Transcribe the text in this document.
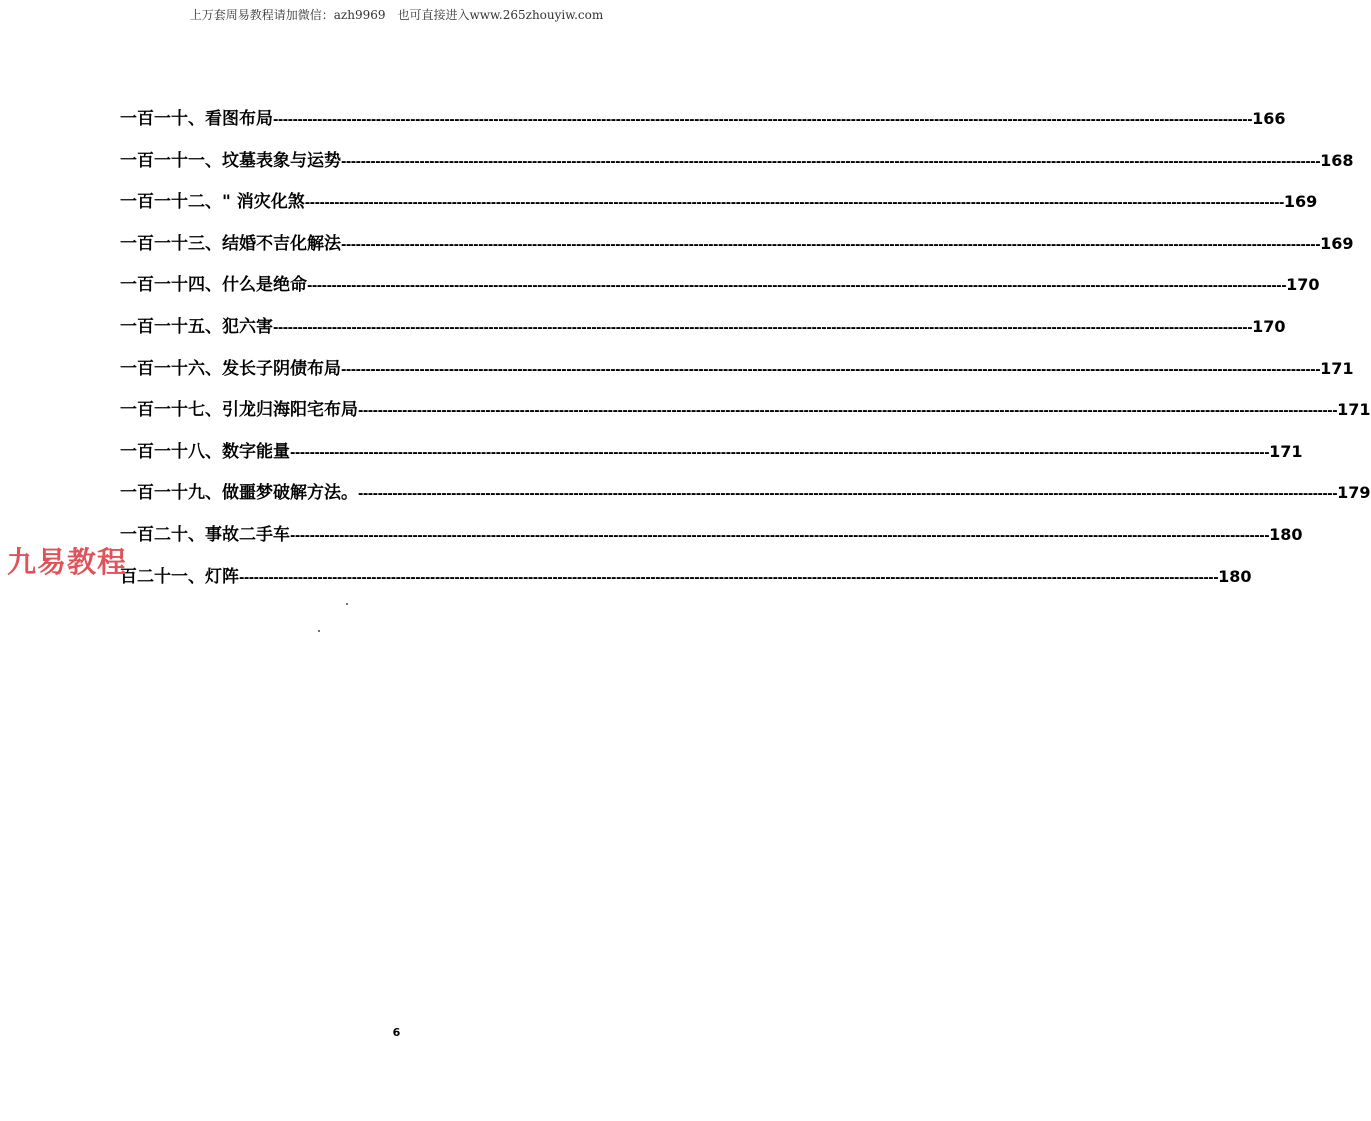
上万套周易教程请加微信：azh9969　也可直接进入www.265zhouyiw.com
一百一十、看图布局 -------------------------------------------------------------------------------------------------------------------------------------------------------------------------------------------------------- 166
一百一十一、坟墓表象与运势 -------------------------------------------------------------------------------------------------------------------------------------------------------------------------------------------------------- 168
一百一十二、" 消灾化煞 -------------------------------------------------------------------------------------------------------------------------------------------------------------------------------------------------------- 169
一百一十三、结婚不吉化解法 -------------------------------------------------------------------------------------------------------------------------------------------------------------------------------------------------------- 169
一百一十四、什么是绝命 -------------------------------------------------------------------------------------------------------------------------------------------------------------------------------------------------------- 170
一百一十五、犯六害 -------------------------------------------------------------------------------------------------------------------------------------------------------------------------------------------------------- 170
一百一十六、发长子阴债布局 -------------------------------------------------------------------------------------------------------------------------------------------------------------------------------------------------------- 171
一百一十七、引龙归海阳宅布局 -------------------------------------------------------------------------------------------------------------------------------------------------------------------------------------------------------- 171
一百一十八、数字能量 -------------------------------------------------------------------------------------------------------------------------------------------------------------------------------------------------------- 171
一百一十九、做噩梦破解方法。 -------------------------------------------------------------------------------------------------------------------------------------------------------------------------------------------------------- 179
一百二十、事故二手车 -------------------------------------------------------------------------------------------------------------------------------------------------------------------------------------------------------- 180
百二十一、灯阵 -------------------------------------------------------------------------------------------------------------------------------------------------------------------------------------------------------- 180
九易教程
6
